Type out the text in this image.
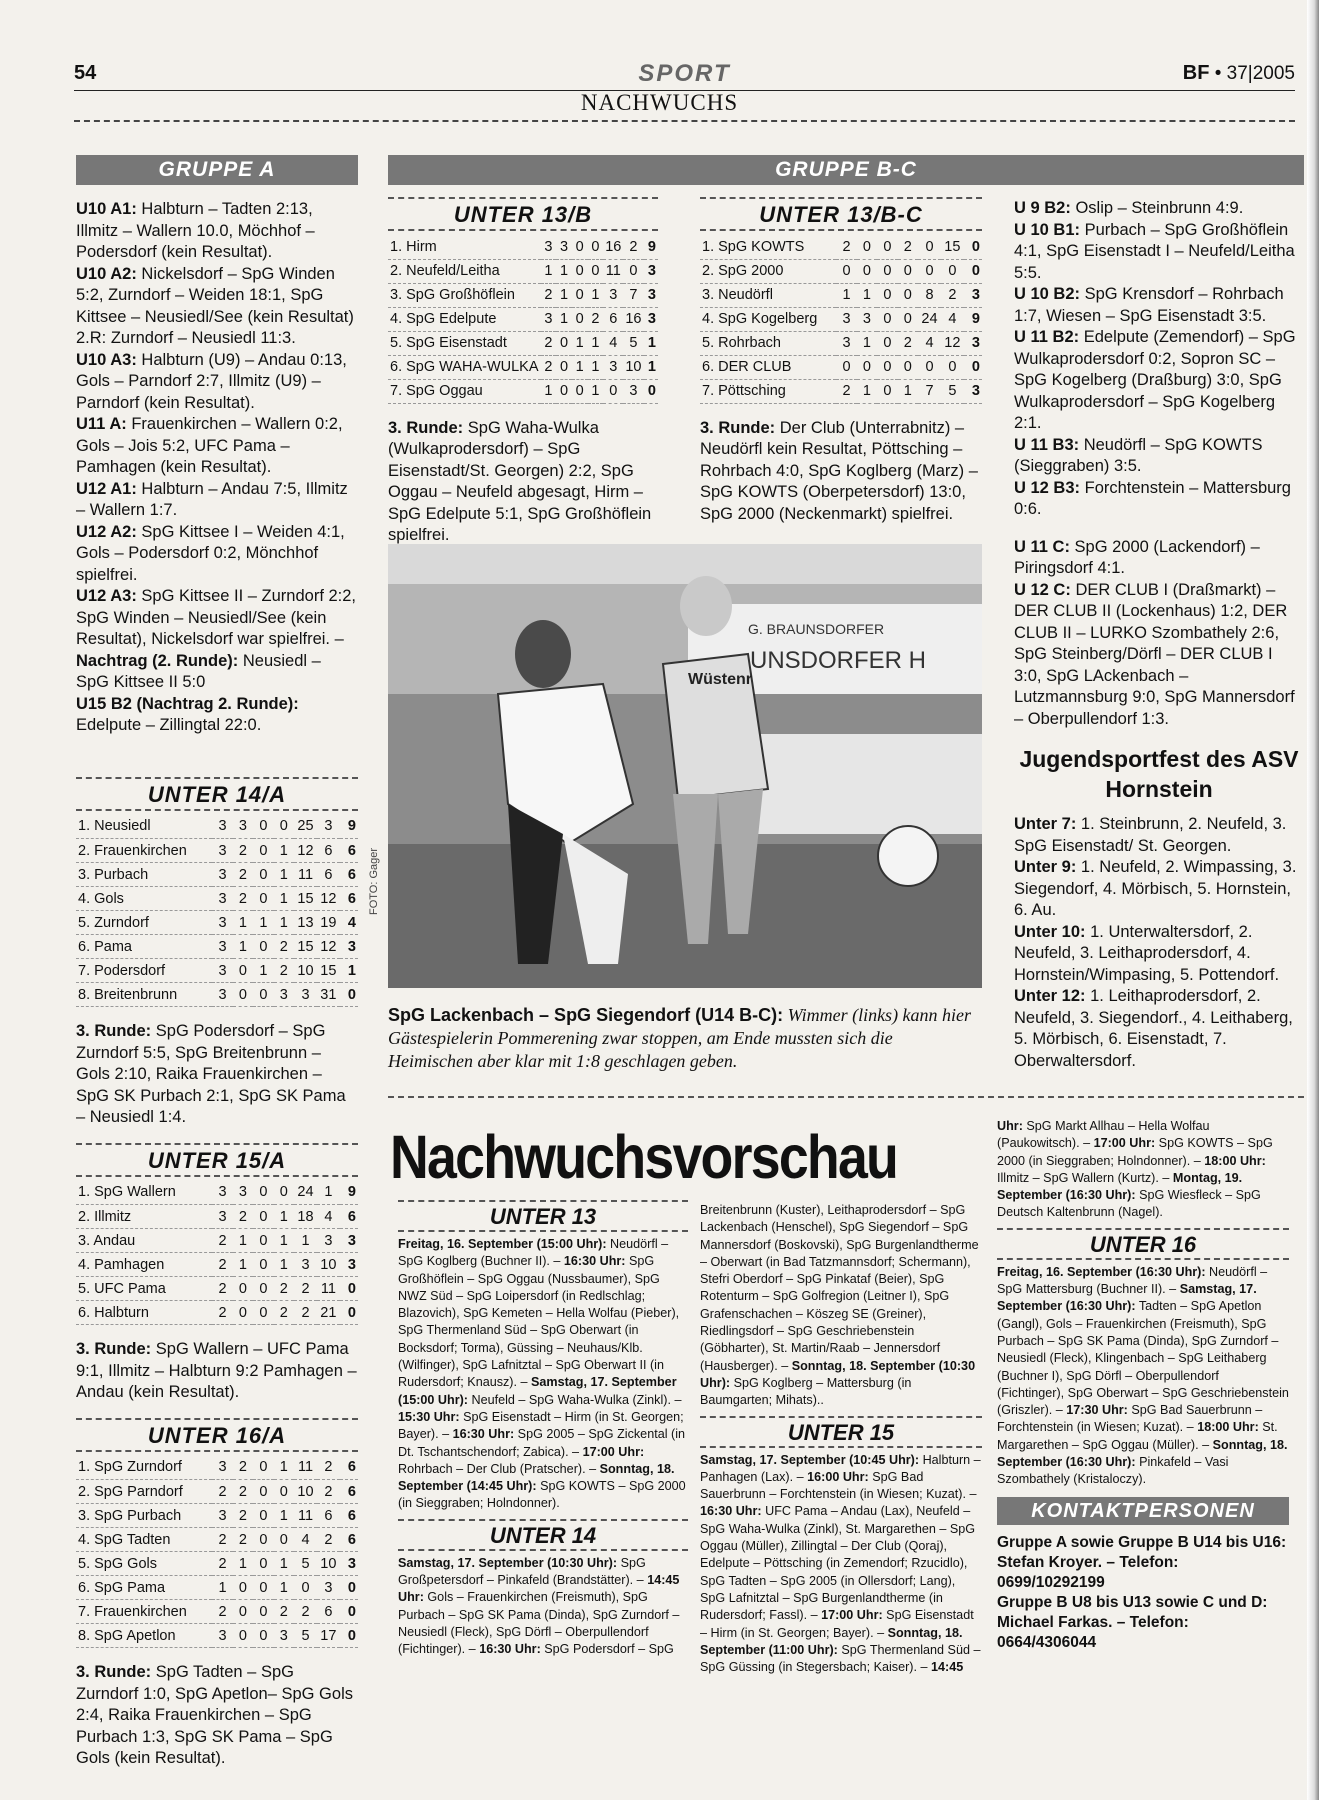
54	SPORT	BF • 37|2005
NACHWUCHS
GRUPPE A

U10 A1: Halbturn – Tadten 2:13, Illmitz – Wallern 10.0, Möchhof – Podersdorf (kein Resultat).

U10 A2: Nickelsdorf – SpG Winden 5:2, Zurndorf – Weiden 18:1, SpG Kittsee – Neusiedl/See (kein Resultat) 2.R: Zurndorf – Neusiedl 11:3.

U10 A3: Halbturn (U9) – Andau 0:13, Gols – Parndorf 2:7, Illmitz (U9) – Parndorf (kein Resultat).

U11 A: Frauenkirchen – Wallern 0:2, Gols – Jois 5:2, UFC Pama – Pamhagen (kein Resultat).

U12 A1: Halbturn – Andau 7:5, Illmitz – Wallern 1:7.

U12 A2: SpG Kittsee I – Weiden 4:1, Gols – Podersdorf 0:2, Mönchhof spielfrei.

U12 A3: SpG Kittsee II – Zurndorf 2:2, SpG Winden – Neusiedl/See (kein Resultat), Nickelsdorf war spielfrei. –

Nachtrag (2. Runde): Neusiedl – SpG Kittsee II 5:0

U15 B2 (Nachtrag 2. Runde): Edelpute – Zillingtal 22:0.

UNTER 14/A
1. Neusiedl	3	3	0	0	25	3	9
2. Frauenkirchen	3	2	0	1	12	6	6
3. Purbach	3	2	0	1	11	6	6
4. Gols	3	2	0	1	15	12	6
5. Zurndorf	3	1	1	1	13	19	4
6. Pama	3	1	0	2	15	12	3
7. Podersdorf	3	0	1	2	10	15	1
8. Breitenbrunn	3	0	0	3	3	31	0
3. Runde: SpG Podersdorf – SpG Zurndorf 5:5, SpG Breitenbrunn – Gols 2:10, Raika Frauenkirchen – SpG SK Purbach 2:1, SpG SK Pama – Neusiedl 1:4.
UNTER 15/A
1. SpG Wallern	3	3	0	0	24	1	9
2. Illmitz	3	2	0	1	18	4	6
3. Andau	2	1	0	1	1	3	3
4. Pamhagen	2	1	0	1	3	10	3
5. UFC Pama	2	0	0	2	2	11	0
6. Halbturn	2	0	0	2	2	21	0
3. Runde: SpG Wallern – UFC Pama 9:1, Illmitz – Halbturn 9:2 Pamhagen – Andau (kein Resultat).
UNTER 16/A
1. SpG Zurndorf	3	2	0	1	11	2	6
2. SpG Parndorf	2	2	0	0	10	2	6
3. SpG Purbach	3	2	0	1	11	6	6
4. SpG Tadten	2	2	0	0	4	2	6
5. SpG Gols	2	1	0	1	5	10	3
6. SpG Pama	1	0	0	1	0	3	0
7. Frauenkirchen	2	0	0	2	2	6	0
8. SpG Apetlon	3	0	0	3	5	17	0
3. Runde: SpG Tadten – SpG Zurndorf 1:0, SpG Apetlon– SpG Gols 2:4, Raika Frauenkirchen – SpG Purbach 1:3, SpG SK Pama – SpG Gols (kein Resultat).
GRUPPE B-C
UNTER 13/B
1. Hirm	3	3	0	0	16	2	9
2. Neufeld/Leitha	1	1	0	0	11	0	3
3. SpG Großhöflein	2	1	0	1	3	7	3
4. SpG Edelpute	3	1	0	2	6	16	3
5. SpG Eisenstadt	2	0	1	1	4	5	1
6. SpG WAHA-WULKA	2	0	1	1	3	10	1
7. SpG Oggau	1	0	0	1	0	3	0
3. Runde: SpG Waha-Wulka (Wulkaprodersdorf) – SpG Eisenstadt/St. Georgen) 2:2, SpG Oggau – Neufeld abgesagt, Hirm – SpG Edelpute 5:1, SpG Großhöflein spielfrei.
UNTER 13/B-C
1. SpG KOWTS	2	0	0	2	0	15	0
2. SpG 2000	0	0	0	0	0	0	0
3. Neudörfl	1	1	0	0	8	2	3
4. SpG Kogelberg	3	3	0	0	24	4	9
5. Rohrbach	3	1	0	2	4	12	3
6. DER CLUB	0	0	0	0	0	0	0
7. Pöttsching	2	1	0	1	7	5	3
3. Runde: Der Club (Unterrabnitz) – Neudörfl kein Resultat, Pöttsching – Rohrbach 4:0, SpG Koglberg (Marz) – SpG KOWTS (Oberpetersdorf) 13:0, SpG 2000 (Neckenmarkt) spielfrei.

U 9 B2: Oslip – Steinbrunn 4:9.

U 10 B1: Purbach – SpG Großhöflein 4:1, SpG Eisenstadt I – Neufeld/Leitha 5:5.

U 10 B2: SpG Krensdorf – Rohrbach 1:7, Wiesen – SpG Eisenstadt 3:5.

U 11 B2: Edelpute (Zemendorf) – SpG Wulkaprodersdorf 0:2, Sopron SC – SpG Kogelberg (Draßburg) 3:0, SpG Wulkaprodersdorf – SpG Kogelberg 2:1.

U 11 B3: Neudörfl – SpG KOWTS (Sieggraben) 3:5.

U 12 B3: Forchtenstein – Mattersburg 0:6.

U 11 C: SpG 2000 (Lackendorf) – Piringsdorf 4:1.

U 12 C: DER CLUB I (Draßmarkt) – DER CLUB II (Lockenhaus) 1:2, DER CLUB II – LURKO Szombathely 2:6, SpG Steinberg/Dörfl – DER CLUB I 3:0, SpG LAckenbach – Lutzmannsburg 9:0, SpG Mannersdorf – Oberpullendorf 1:3.

Jugendsportfest des ASV Hornstein

Unter 7: 1. Steinbrunn, 2. Neufeld, 3. SpG Eisenstadt/ St. Georgen.

Unter 9: 1. Neufeld, 2. Wimpassing, 3. Siegendorf, 4. Mörbisch, 5. Hornstein, 6. Au.

Unter 10: 1. Unterwaltersdorf, 2. Neufeld, 3. Leithaprodersdorf, 4. Hornstein/Wimpasing, 5. Pottendorf.

Unter 12: 1. Leithaprodersdorf, 2. Neufeld, 3. Siegendorf., 4. Leithaberg, 5. Mörbisch, 6. Eisenstadt, 7. Oberwaltersdorf.

Wüstenr
G. BRAUNSDORFER
UNSDORFER H
FOTO: Gager
SpG Lackenbach – SpG Siegendorf (U14 B-C): Wimmer (links) kann hier Gästespielerin Pommerening zwar stoppen, am Ende mussten sich die Heimischen aber klar mit 1:8 geschlagen geben.
Nachwuchsvorschau
UNTER 13
Freitag, 16. September (15:00 Uhr): Neudörfl – SpG Koglberg (Buchner II). – 16:30 Uhr: SpG Großhöflein – SpG Oggau (Nussbaumer), SpG NWZ Süd – SpG Loipersdorf (in Redlschlag; Blazovich), SpG Kemeten – Hella Wolfau (Pieber), SpG Thermenland Süd – SpG Oberwart (in Bocksdorf; Torma), Güssing – Neuhaus/Klb. (Wilfinger), SpG Lafnitztal – SpG Oberwart II (in Rudersdorf; Knausz). – Samstag, 17. September (15:00 Uhr): Neufeld – SpG Waha-Wulka (Zinkl). – 15:30 Uhr: SpG Eisenstadt – Hirm (in St. Georgen; Bayer). – 16:30 Uhr: SpG 2005 – SpG Zickental (in Dt. Tschantschendorf; Zabica). – 17:00 Uhr: Rohrbach – Der Club (Pratscher). – Sonntag, 18. September (14:45 Uhr): SpG KOWTS – SpG 2000 (in Sieggraben; Holndonner).
UNTER 14
Samstag, 17. September (10:30 Uhr): SpG Großpetersdorf – Pinkafeld (Brandstätter). – 14:45 Uhr: Gols – Frauenkirchen (Freismuth), SpG Purbach – SpG SK Pama (Dinda), SpG Zurndorf – Neusiedl (Fleck), SpG Dörfl – Oberpullendorf (Fichtinger). – 16:30 Uhr: SpG Podersdorf – SpG
Breitenbrunn (Kuster), Leithaprodersdorf – SpG Lackenbach (Henschel), SpG Siegendorf – SpG Mannersdorf (Boskovski), SpG Burgenlandtherme – Oberwart (in Bad Tatzmannsdorf; Schermann), Stefri Oberdorf – SpG Pinkataf (Beier), SpG Rotenturm – SpG Golfregion (Leitner I), SpG Grafenschachen – Köszeg SE (Greiner), Riedlingsdorf – SpG Geschriebenstein (Göbharter), St. Martin/Raab – Jennersdorf (Hausberger). – Sonntag, 18. September (10:30 Uhr): SpG Koglberg – Mattersburg (in Baumgarten; Mihats)..
UNTER 15
Samstag, 17. September (10:45 Uhr): Halbturn – Panhagen (Lax). – 16:00 Uhr: SpG Bad Sauerbrunn – Forchtenstein (in Wiesen; Kuzat). – 16:30 Uhr: UFC Pama – Andau (Lax), Neufeld – SpG Waha-Wulka (Zinkl), St. Margarethen – SpG Oggau (Müller), Zillingtal – Der Club (Qoraj), Edelpute – Pöttsching (in Zemendorf; Rzucidlo), SpG Tadten – SpG 2005 (in Ollersdorf; Lang), SpG Lafnitztal – SpG Burgenlandtherme (in Rudersdorf; Fassl). – 17:00 Uhr: SpG Eisenstadt – Hirm (in St. Georgen; Bayer). – Sonntag, 18. September (11:00 Uhr): SpG Thermenland Süd – SpG Güssing (in Stegersbach; Kaiser). – 14:45
Uhr: SpG Markt Allhau – Hella Wolfau (Paukowitsch). – 17:00 Uhr: SpG KOWTS – SpG 2000 (in Sieggraben; Holndonner). – 18:00 Uhr: Illmitz – SpG Wallern (Kurtz). – Montag, 19. September (16:30 Uhr): SpG Wiesfleck – SpG Deutsch Kaltenbrunn (Nagel).
UNTER 16
Freitag, 16. September (16:30 Uhr): Neudörfl – SpG Mattersburg (Buchner II). – Samstag, 17. September (16:30 Uhr): Tadten – SpG Apetlon (Gangl), Gols – Frauenkirchen (Freismuth), SpG Purbach – SpG SK Pama (Dinda), SpG Zurndorf – Neusiedl (Fleck), Klingenbach – SpG Leithaberg (Buchner I), SpG Dörfl – Oberpullendorf (Fichtinger), SpG Oberwart – SpG Geschriebenstein (Griszler). – 17:30 Uhr: SpG Bad Sauerbrunn – Forchtenstein (in Wiesen; Kuzat). – 18:00 Uhr: St. Margarethen – SpG Oggau (Müller). – Sonntag, 18. September (16:30 Uhr): Pinkafeld – Vasi Szombathely (Kristaloczy).
KONTAKTPERSONEN
Gruppe A sowie Gruppe B U14 bis U16: Stefan Kroyer. – Telefon:
0699/10292199
Gruppe B U8 bis U13 sowie C und D: Michael Farkas. – Telefon:
0664/4306044
